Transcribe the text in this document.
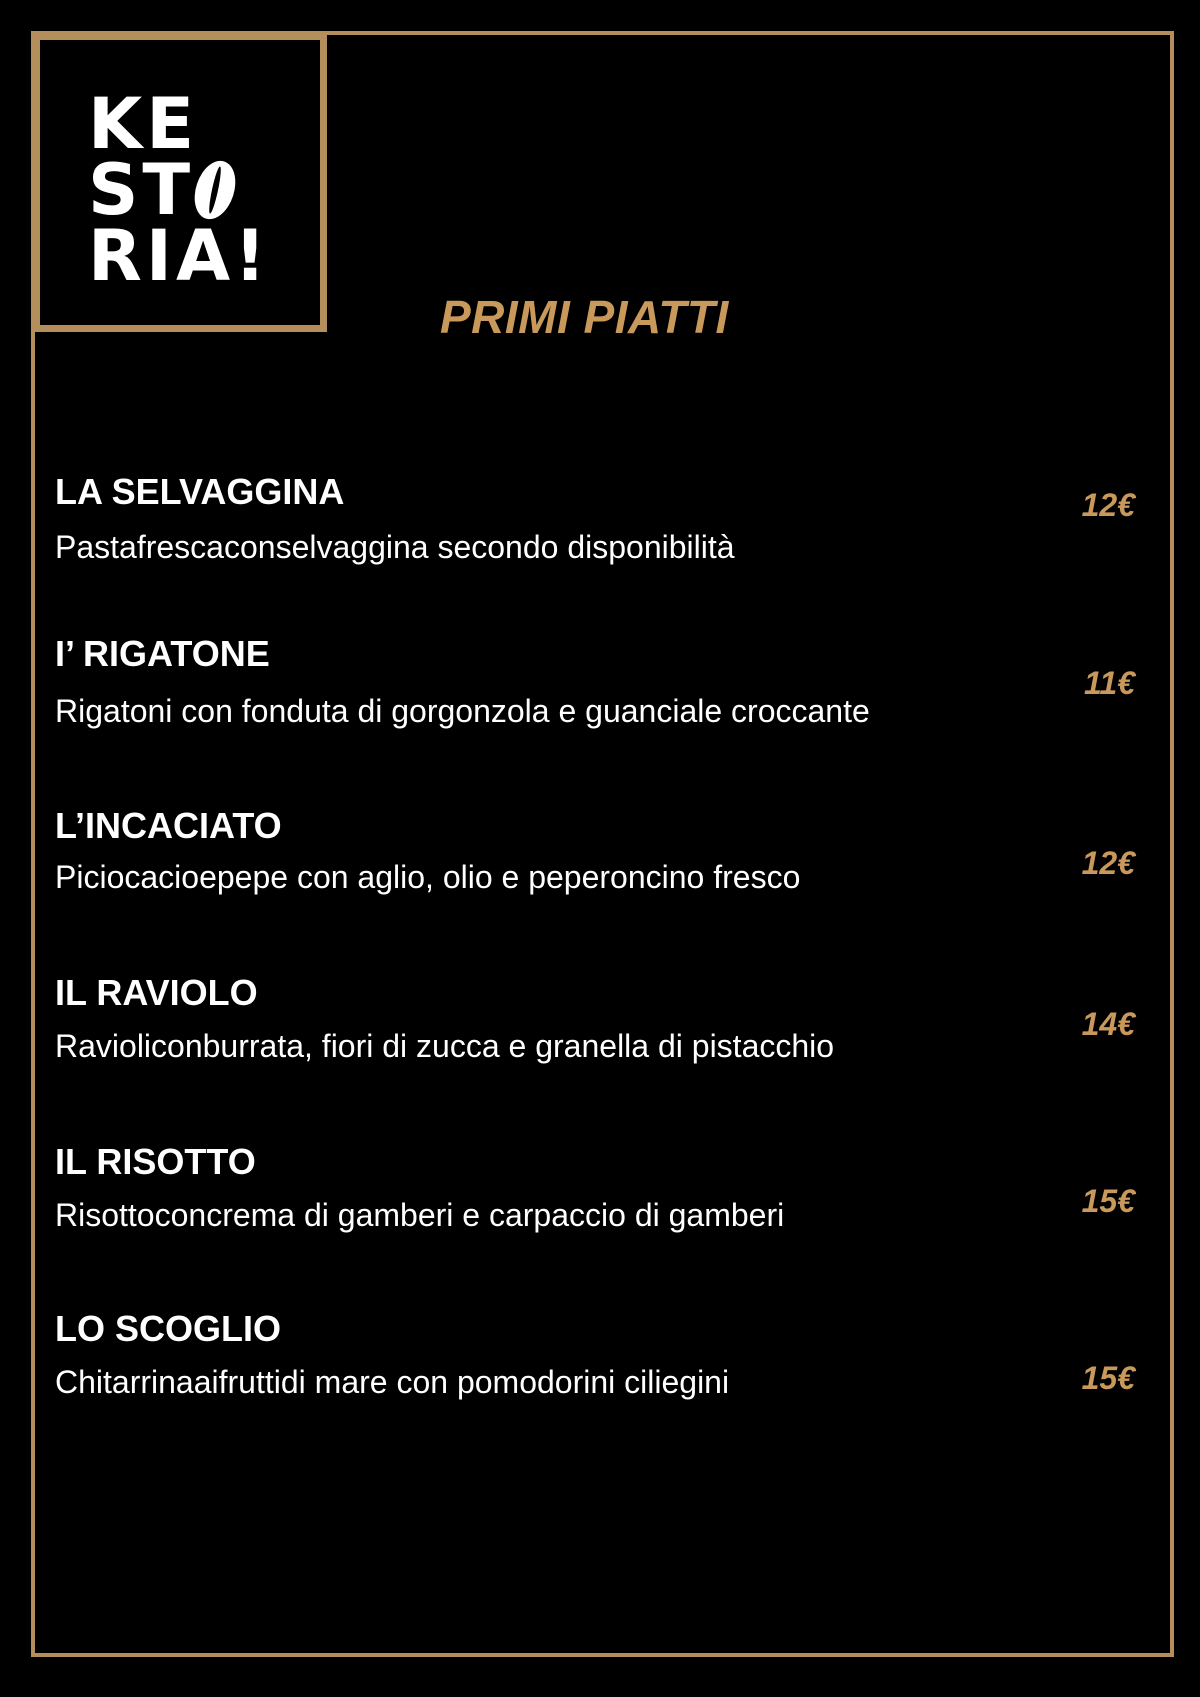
KE
ST
RIA!
PRIMI PIATTI
LA SELVAGGINA
Pastafrescaconselvaggina secondo disponibilità
12€
I’ RIGATONE
Rigatoni con fonduta di gorgonzola e guanciale croccante
11€
L’INCACIATO
Piciocacioepepe con aglio, olio e peperoncino fresco	12€
IL RAVIOLO
Ravioliconburrata, fiori di zucca e granella di pistacchio
14€
IL RISOTTO
Risottoconcrema di gamberi e carpaccio di gamberi	15€
LO SCOGLIO
Chitarrinaaifruttidi mare con pomodorini ciliegini	15€
